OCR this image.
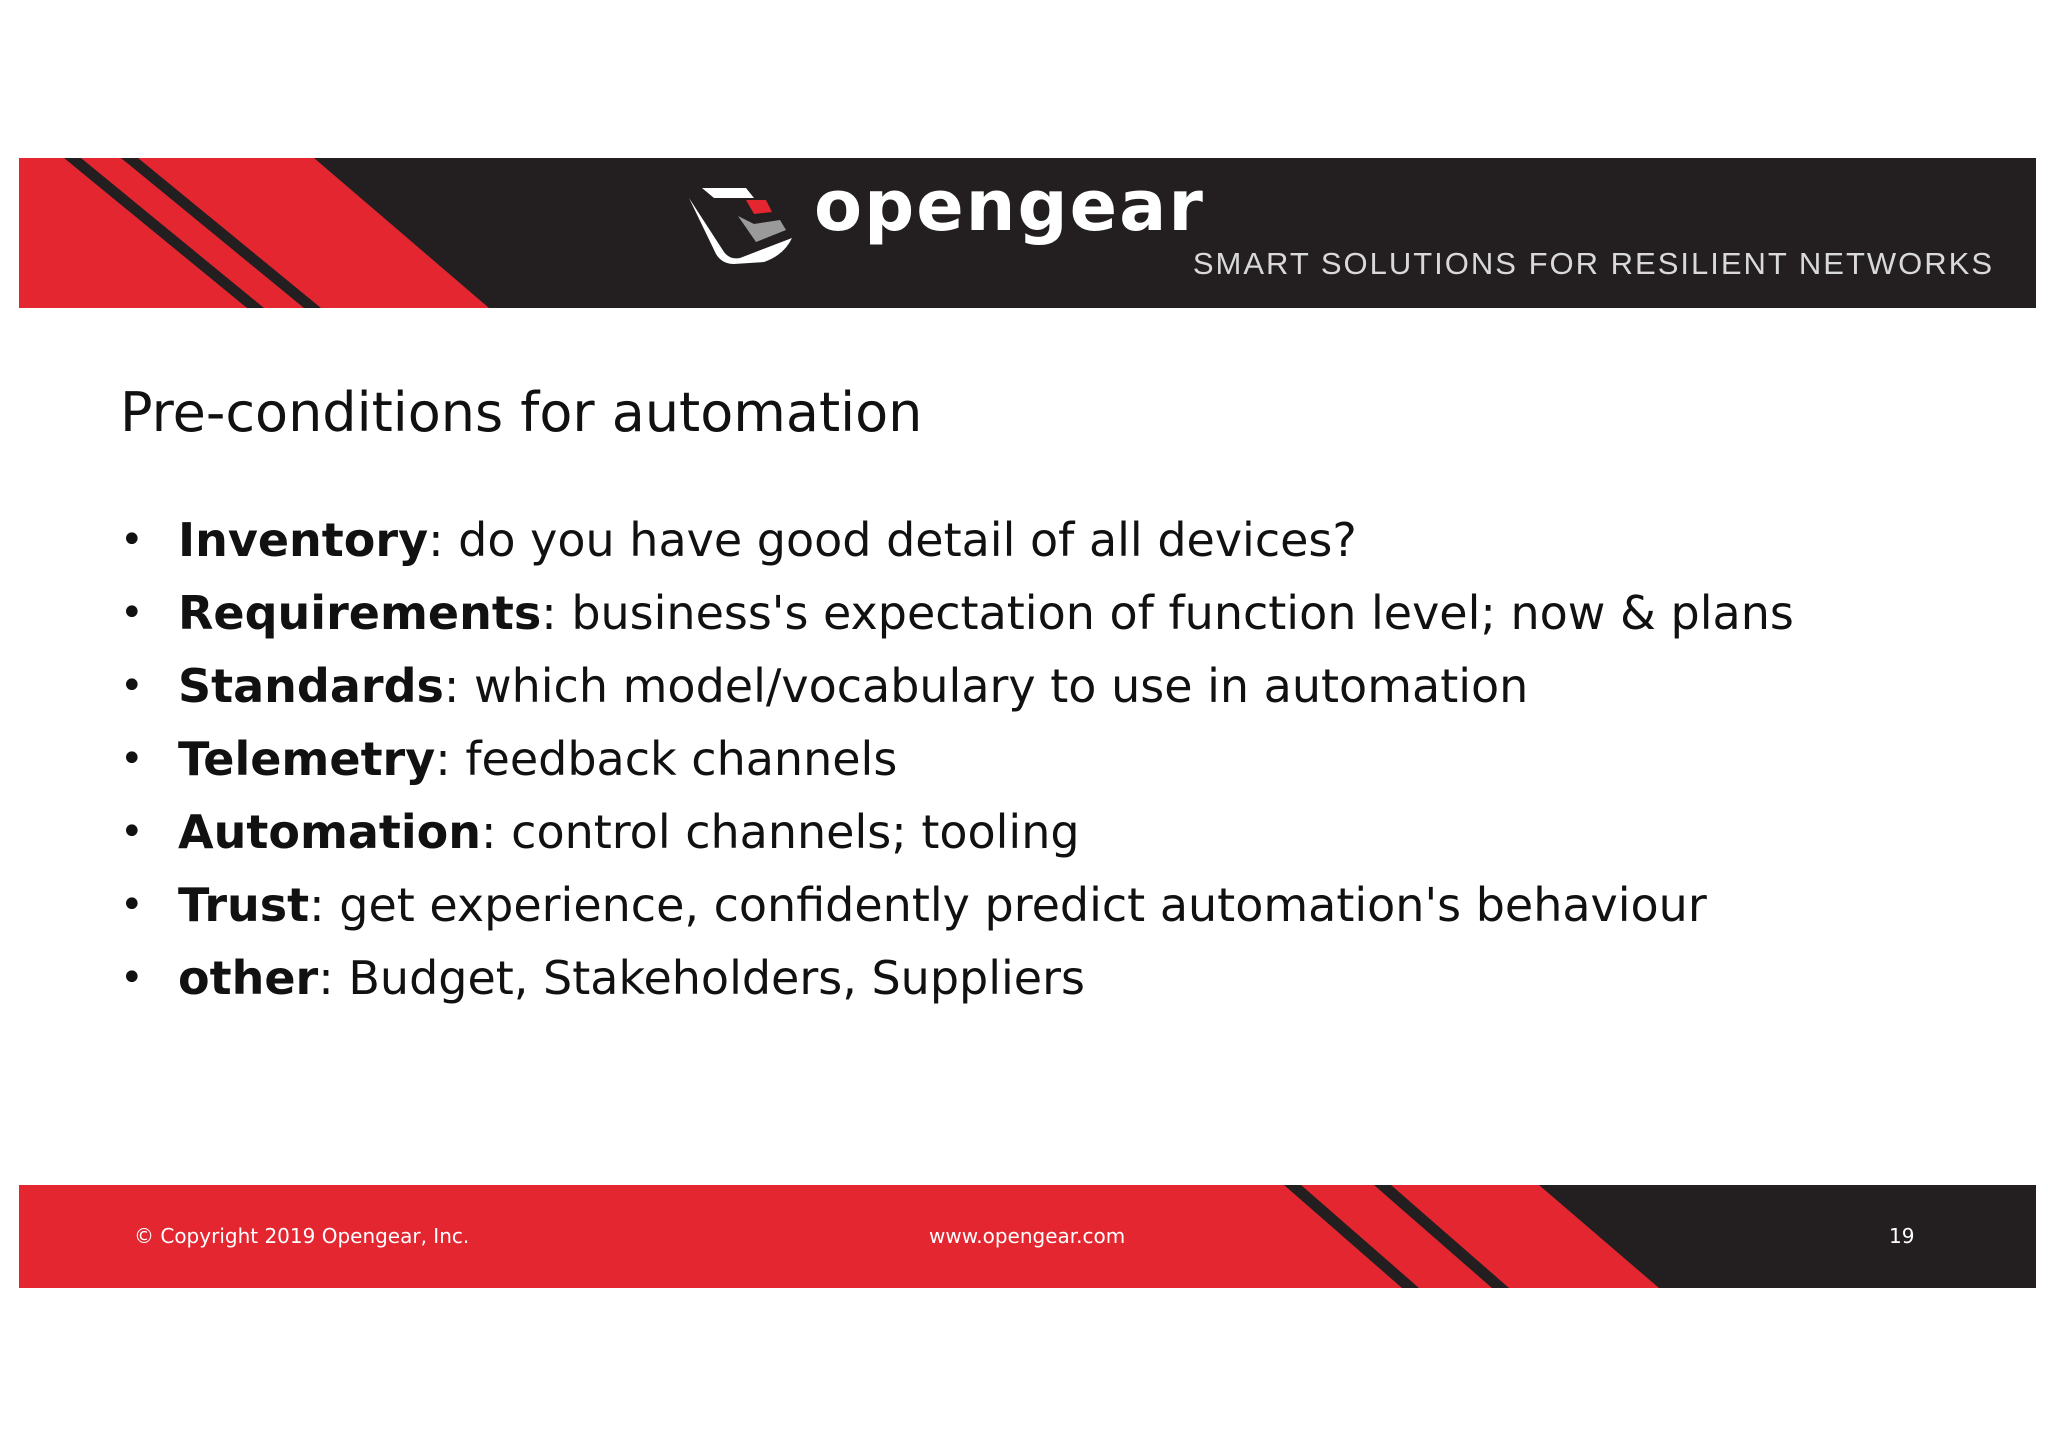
opengear
SMART SOLUTIONS FOR RESILIENT NETWORKS
Pre-conditions for automation
• Inventory: do you have good detail of all devices?
• Requirements: business's expectation of function level; now & plans
• Standards: which model/vocabulary to use in automation
• Telemetry: feedback channels
• Automation: control channels; tooling
• Trust: get experience, confidently predict automation's behaviour
• other: Budget, Stakeholders, Suppliers
© Copyright 2019 Opengear, Inc.	www.opengear.com	19
